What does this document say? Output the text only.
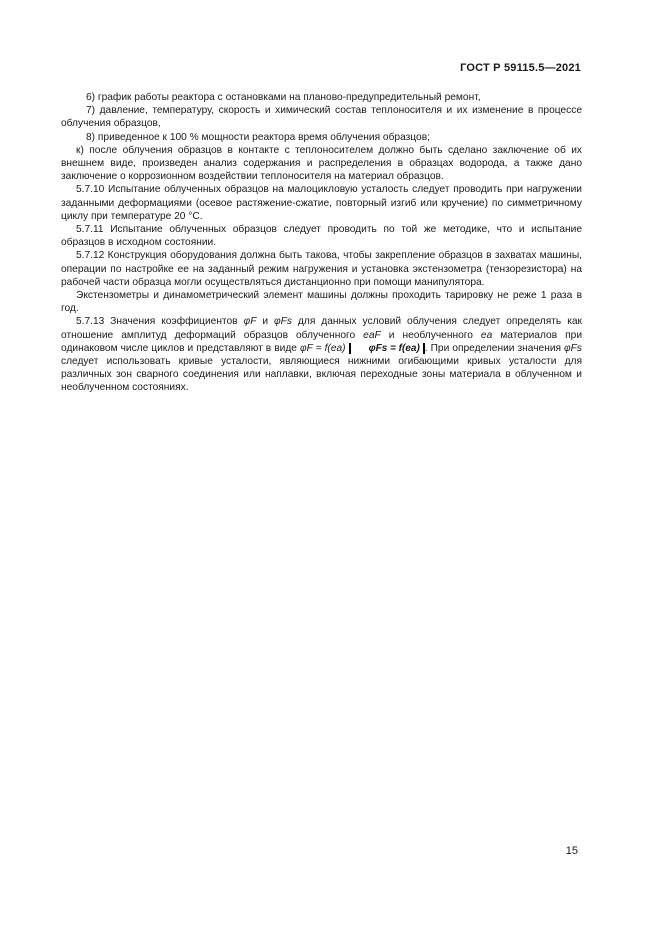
ГОСТ Р 59115.5—2021

6) график работы реактора с остановками на планово-предупредительный ремонт,

7) давление, температуру, скорость и химический состав теплоносителя и их изменение в процессе облучения образцов,

8) приведенное к 100 % мощности реактора время облучения образцов;

к) после облучения образцов в контакте с теплоносителем должно быть сделано заключение об их внешнем виде, произведен анализ содержания и распределения в образцах водорода, а также дано заключение о коррозионном воздействии теплоносителя на материал образцов.

5.7.10 Испытание облученных образцов на малоцикловую усталость следует проводить при нагружении заданными деформациями (осевое растяжение-сжатие, повторный изгиб или кручение) по симметричному циклу при температуре 20 °С.

5.7.11 Испытание облученных образцов следует проводить по той же методике, что и испытание образцов в исходном состоянии.

5.7.12 Конструкция оборудования должна быть такова, чтобы закрепление образцов в захватах машины, операции по настройке ее на заданный режим нагружения и установка экстензометра (тензорезистора) на рабочей части образца могли осуществляться дистанционно при помощи манипулятора.

Экстензометры и динамометрический элемент машины должны проходить тарировку не реже 1 раза в год.

5.7.13 Значения коэффициентов φF и φFs для данных условий облучения следует определять как отношение амплитуд деформаций образцов облученного eaF и необлученного ea материалов при одинаковом числе циклов и представляют в виде φF = f(ea) φFs = f(ea) . При определении значения φFs следует использовать кривые усталости, являющиеся нижними огибающими кривых усталости для различных зон сварного соединения или наплавки, включая переходные зоны материала в облученном и необлученном состояниях.

15
